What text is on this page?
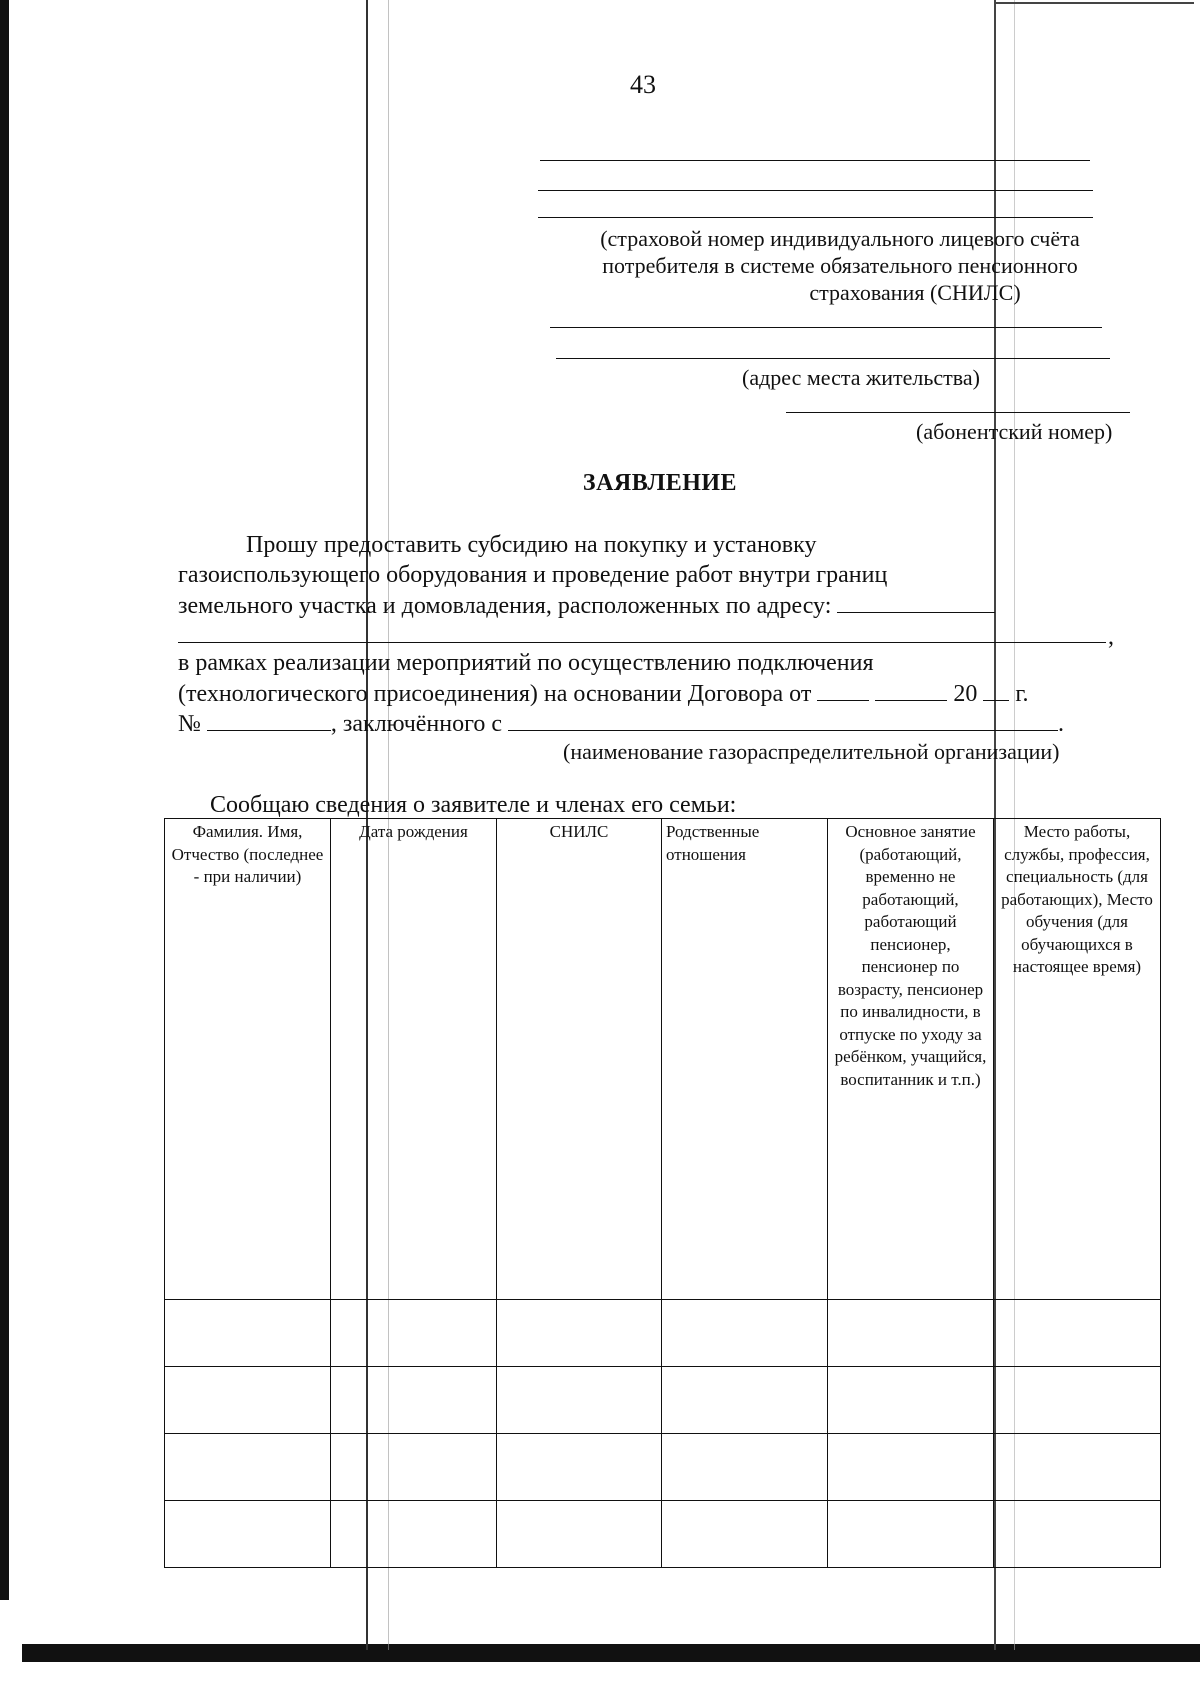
43
(страховой номер индивидуального лицевого счёта
потребителя в системе обязательного пенсионного
страхования (СНИЛС)
(адрес места жительства)
(абонентский номер)
ЗАЯВЛЕНИЕ
Прошу предоставить субсидию на покупку и установку
газоиспользующего оборудования и проведение работ внутри границ
земельного участка и домовладения, расположенных по адресу:
,
в рамках реализации мероприятий по осуществлению подключения
(технологического присоединения) на основании Договора от	20 г.
№	, заключённого с	.
(наименование газораспределительной организации)
Сообщаю сведения о заявителе и членах его семьи:
Фамилия. Имя, Отчество (последнее - при наличии)	Дата рождения	СНИЛС	Родственные отношения	Основное занятие (работающий, временно не работающий, работающий пенсионер, пенсионер по возрасту, пенсионер по инвалидности, в отпуске по уходу за ребёнком, учащийся, воспитанник и т.п.)	Место работы, службы, профессия, специальность (для работающих), Место обучения (для обучающихся в настоящее время)
